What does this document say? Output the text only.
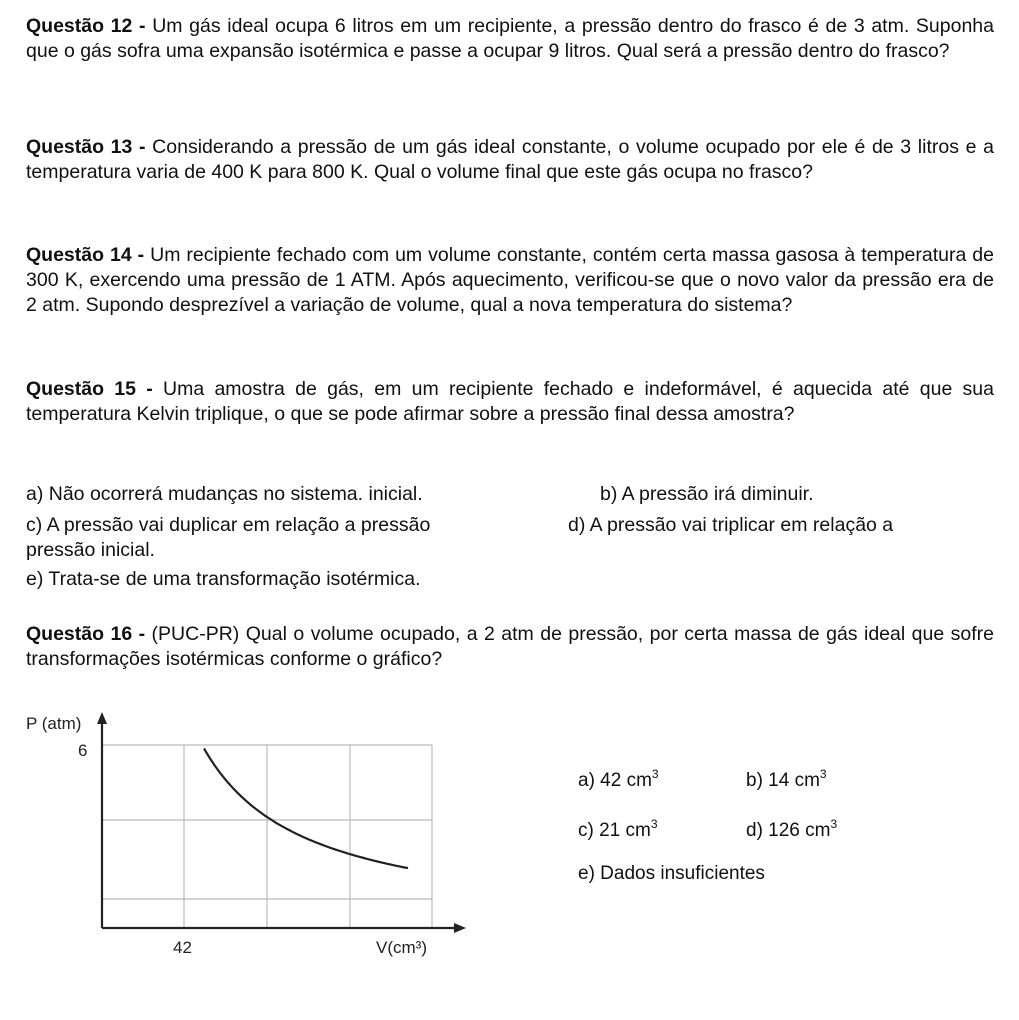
Questão 12 - Um gás ideal ocupa 6 litros em um recipiente, a pressão dentro do frasco é de 3 atm. Suponha que o gás sofra uma expansão isotérmica e passe a ocupar 9 litros. Qual será a pressão dentro do frasco?
Questão 13 - Considerando a pressão de um gás ideal constante, o volume ocupado por ele é de 3 litros e a temperatura varia de 400 K para 800 K. Qual o volume final que este gás ocupa no frasco?
Questão 14 - Um recipiente fechado com um volume constante, contém certa massa gasosa à temperatura de 300 K, exercendo uma pressão de 1 ATM. Após aquecimento, verificou-se que o novo valor da pressão era de 2 atm. Supondo desprezível a variação de volume, qual a nova temperatura do sistema?
Questão 15 - Uma amostra de gás, em um recipiente fechado e indeformável, é aquecida até que sua temperatura Kelvin triplique, o que se pode afirmar sobre a pressão final dessa amostra?
a) Não ocorrerá mudanças no sistema. inicial.	b) A pressão irá diminuir.
c) A pressão vai duplicar em relação a pressão	d) A pressão vai triplicar em relação a
pressão inicial.
e) Trata-se de uma transformação isotérmica.
Questão 16 - (PUC-PR) Qual o volume ocupado, a 2 atm de pressão, por certa massa de gás ideal que sofre transformações isotérmicas conforme o gráfico?
P (atm)
6
42	V(cm³)
a) 42 $cm^3$	b) 14 $cm^3$
c) 21 $cm^3$	d) 126 $cm^3$
e) Dados insuficientes
